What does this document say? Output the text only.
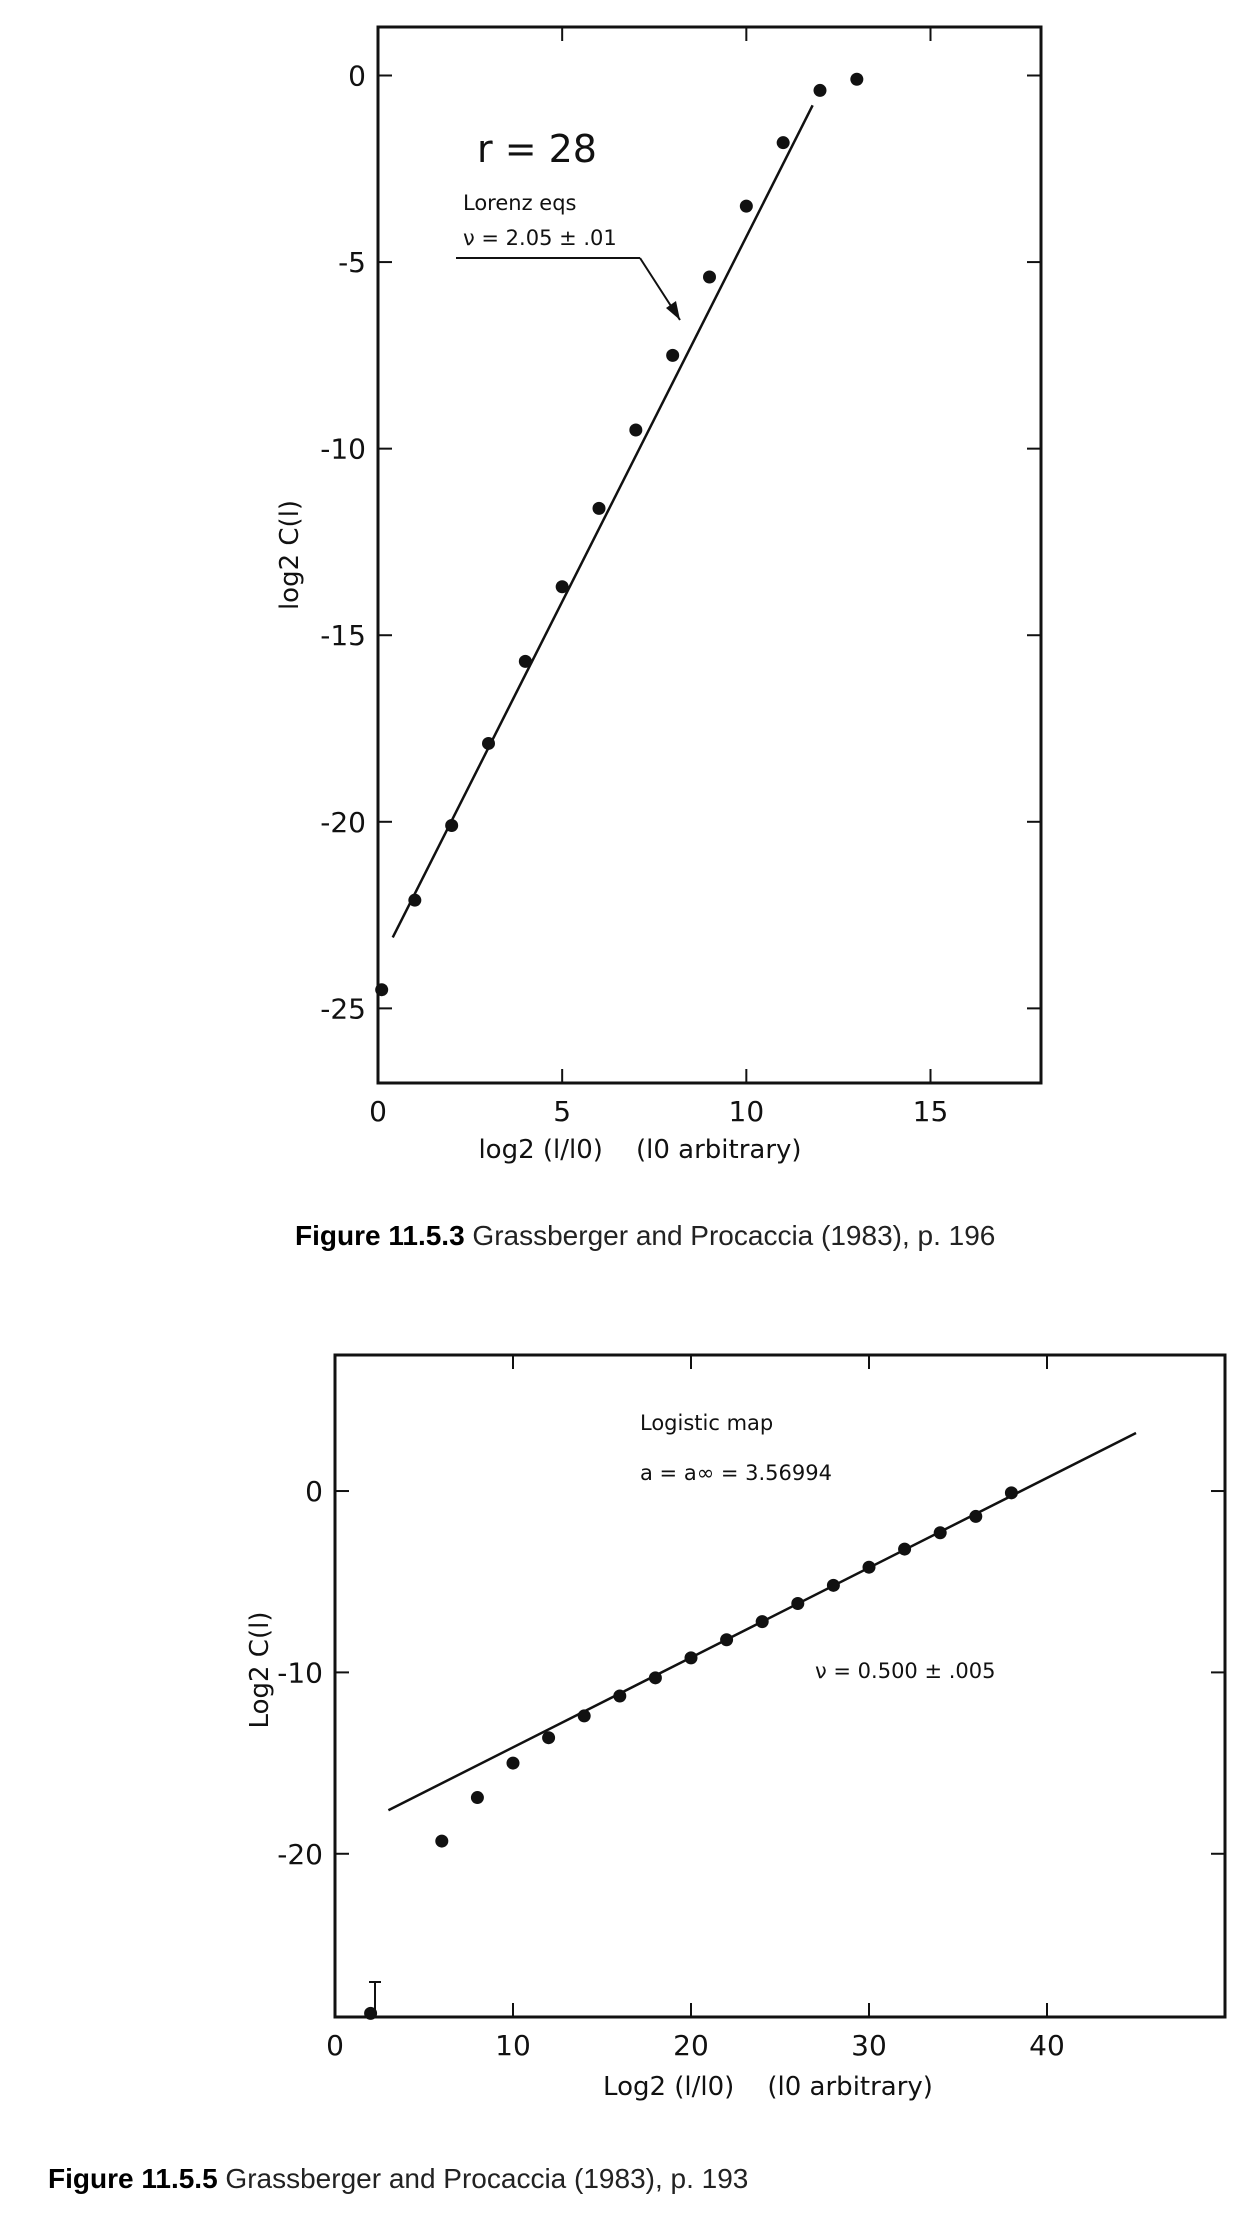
0	5	10	15
0
-5
-10
-15
-20
-25
log2 C(l)
log2 (l/l0)    (l0 arbitrary)
r = 28
Lorenz eqs
ν = 2.05 ± .01
Figure 11.5.3 Grassberger and Procaccia (1983), p. 196
0	10	20	30	40
0
-10
-20
Log2 C(l)
Log2 (l/l0)    (l0 arbitrary)
Logistic map
a = a∞ = 3.56994
ν = 0.500 ± .005
Figure 11.5.5 Grassberger and Procaccia (1983), p. 193
